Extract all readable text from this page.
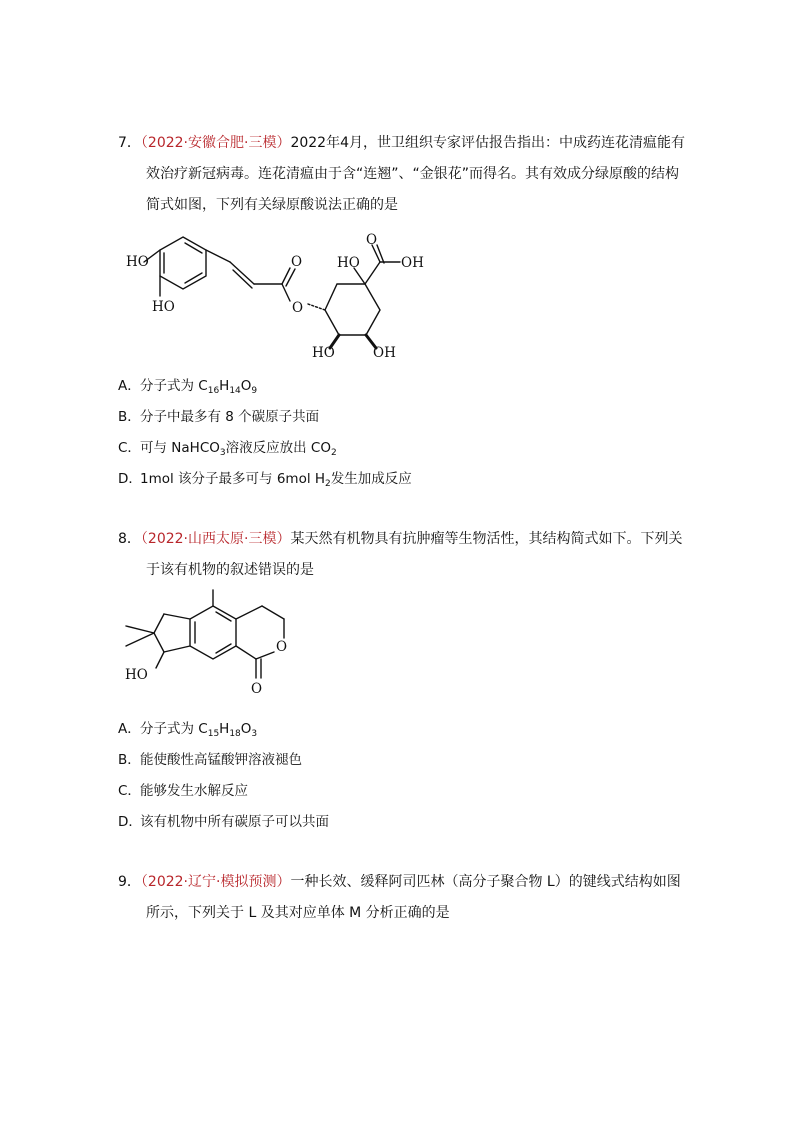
7．（2022·安徽合肥·三模）2022年4月，世卫组织专家评估报告指出：中成药连花清瘟能有
效治疗新冠病毒。连花清瘟由于含“连翘”、“金银花”而得名。其有效成分绿原酸的结构
简式如图，下列有关绿原酸说法正确的是
HO
HO
O
O
O
HO	OH
HO	OH
A．分子式为 $C_{16}H_{14}O_9$
B．分子中最多有 8 个碳原子共面
C．可与 NaHCO$_3$溶液反应放出 $CO_2$
D．1mol 该分子最多可与 6mol $H_2$发生加成反应
8．（2022·山西太原·三模）某天然有机物具有抗肿瘤等生物活性，其结构简式如下。下列关
于该有机物的叙述错误的是
HO
O
O
A．分子式为 $C_{15}H_{18}O_3$
B．能使酸性高锰酸钾溶液褪色
C．能够发生水解反应
D．该有机物中所有碳原子可以共面
9．（2022·辽宁·模拟预测）一种长效、缓释阿司匹林（高分子聚合物 L）的键线式结构如图
所示，下列关于 L 及其对应单体 M 分析正确的是
